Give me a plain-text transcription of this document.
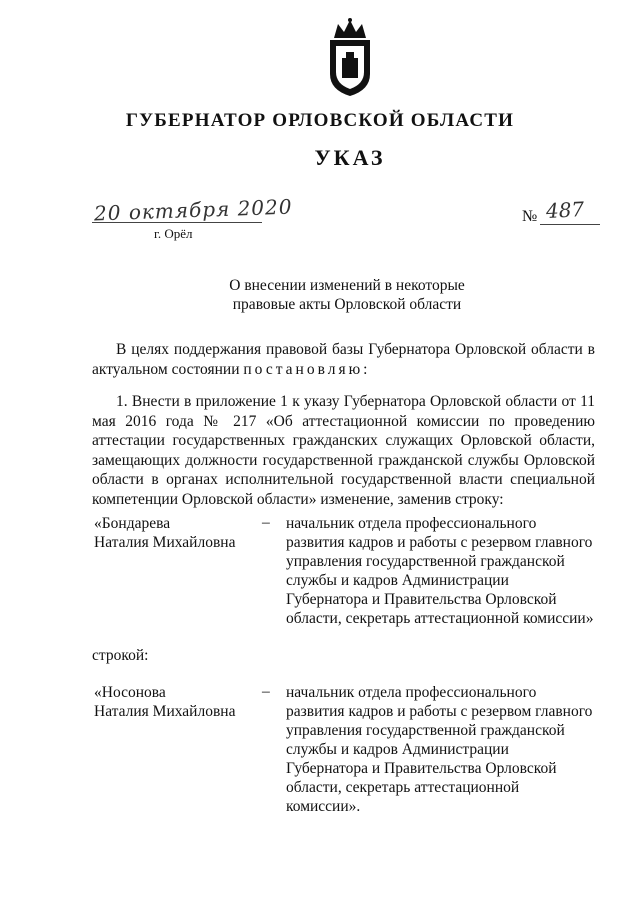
ГУБЕРНАТОР ОРЛОВСКОЙ ОБЛАСТИ
УКАЗ
20 октября 2020
г. Орёл
№ 487
О внесении изменений в некоторые
правовые акты Орловской области
В целях поддержания правовой базы Губернатора Орловской области в актуальном состоянии постановляю:
1. Внести в приложение 1 к указу Губернатора Орловской области от 11 мая 2016 года № 217 «Об аттестационной комиссии по проведению аттестации государственных гражданских служащих Орловской области, замещающих должности государственной гражданской службы Орловской области в органах исполнительной государственной власти специальной компетенции Орловской области» изменение, заменив строку:
«Бондарева
Наталия Михайловна
– начальник отдела профессионального
развития кадров и работы с резервом главного
управления государственной гражданской
службы и кадров Администрации
Губернатора и Правительства Орловской
области, секретарь аттестационной комиссии»
строкой:
«Носонова
Наталия Михайловна
– начальник отдела профессионального
развития кадров и работы с резервом главного
управления государственной гражданской
службы и кадров Администрации
Губернатора и Правительства Орловской
области, секретарь аттестационной
комиссии».
